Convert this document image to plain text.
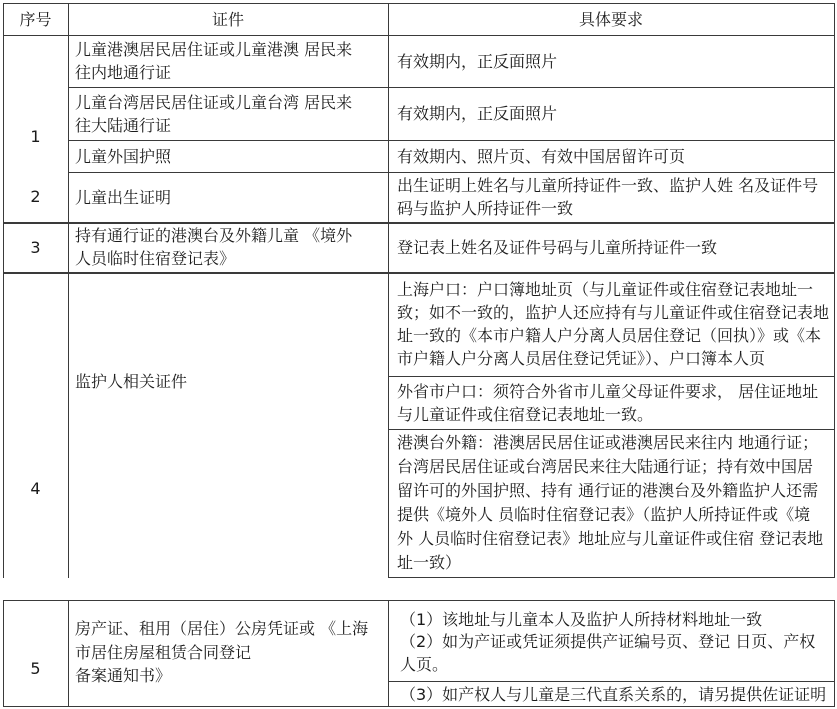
序号	证件	具体要求
1
2
3
4
5
儿童港澳居民居住证或儿童港澳 居民来
往内地通行证
儿童台湾居民居住证或儿童台湾 居民来
往大陆通行证
儿童外国护照
儿童出生证明
持有通行证的港澳台及外籍儿童 《境外
人员临时住宿登记表》
监护人相关证件
房产证、租用（居住）公房凭证或 《上海
市居住房屋租赁合同登记
备案通知书》
有效期内，正反面照片
有效期内，正反面照片
有效期内、照片页、有效中国居留许可页
出生证明上姓名与儿童所持证件一致、监护人姓 名及证件号
码与监护人所持证件一致
登记表上姓名及证件号码与儿童所持证件一致
上海户口：户口簿地址页（与儿童证件或住宿登记表地址一
致；如不一致的，监护人还应持有与儿童证件或住宿登记表地
址一致的《本市户籍人户分离人员居住登记（回执）》或《本
市户籍人户分离人员居住登记凭证》）、户口簿本人页
外省市户口：须符合外省市儿童父母证件要求， 居住证地址
与儿童证件或住宿登记表地址一致。
港澳台外籍：港澳居民居住证或港澳居民来往内 地通行证；
台湾居民居住证或台湾居民来往大陆通行证；持有效中国居
留许可的外国护照、持有 通行证的港澳台及外籍监护人还需
提供《境外人 员临时住宿登记表》（监护人所持证件或《境
外 人员临时住宿登记表》地址应与儿童证件或住宿 登记表地
址一致）
（1）该地址与儿童本人及监护人所持材料地址一致
（2）如为产证或凭证须提供产证编号页、登记 日页、产权
人页。
（3）如产权人与儿童是三代直系关系的，请另提供佐证证明
